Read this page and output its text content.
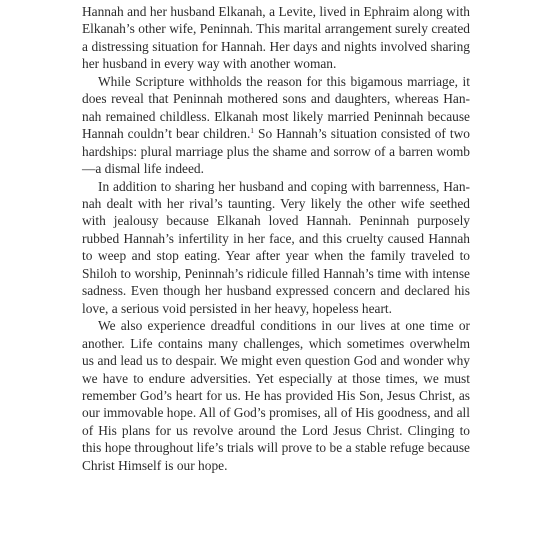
Hannah and her husband Elkanah, a Levite, lived in Ephraim along with Elkanah’s other wife, Peninnah. This marital arrangement surely created a distressing situation for Hannah. Her days and nights involved sharing her husband in every way with another woman.

While Scripture withholds the reason for this bigamous marriage, it does reveal that Peninnah mothered sons and daughters, whereas Hannah remained childless. Elkanah most likely married Peninnah because Hannah couldn’t bear children.$^1$ So Hannah’s situation consisted of two hardships: plural marriage plus the shame and sorrow of a barren womb—a dismal life indeed.

In addition to sharing her husband and coping with barrenness, Hannah dealt with her rival’s taunting. Very likely the other wife seethed with jealousy because Elkanah loved Hannah. Peninnah purposely rubbed Hannah’s infertility in her face, and this cruelty caused Hannah to weep and stop eating. Year after year when the family traveled to Shiloh to worship, Peninnah’s ridicule filled Hannah’s time with intense sadness. Even though her husband expressed concern and declared his love, a serious void persisted in her heavy, hopeless heart.

We also experience dreadful conditions in our lives at one time or another. Life contains many challenges, which sometimes overwhelm us and lead us to despair. We might even question God and wonder why we have to endure adversities. Yet especially at those times, we must remember God’s heart for us. He has provided His Son, Jesus Christ, as our immovable hope. All of God’s promises, all of His goodness, and all of His plans for us revolve around the Lord Jesus Christ. Clinging to this hope throughout life’s trials will prove to be a stable refuge because Christ Himself is our hope.
